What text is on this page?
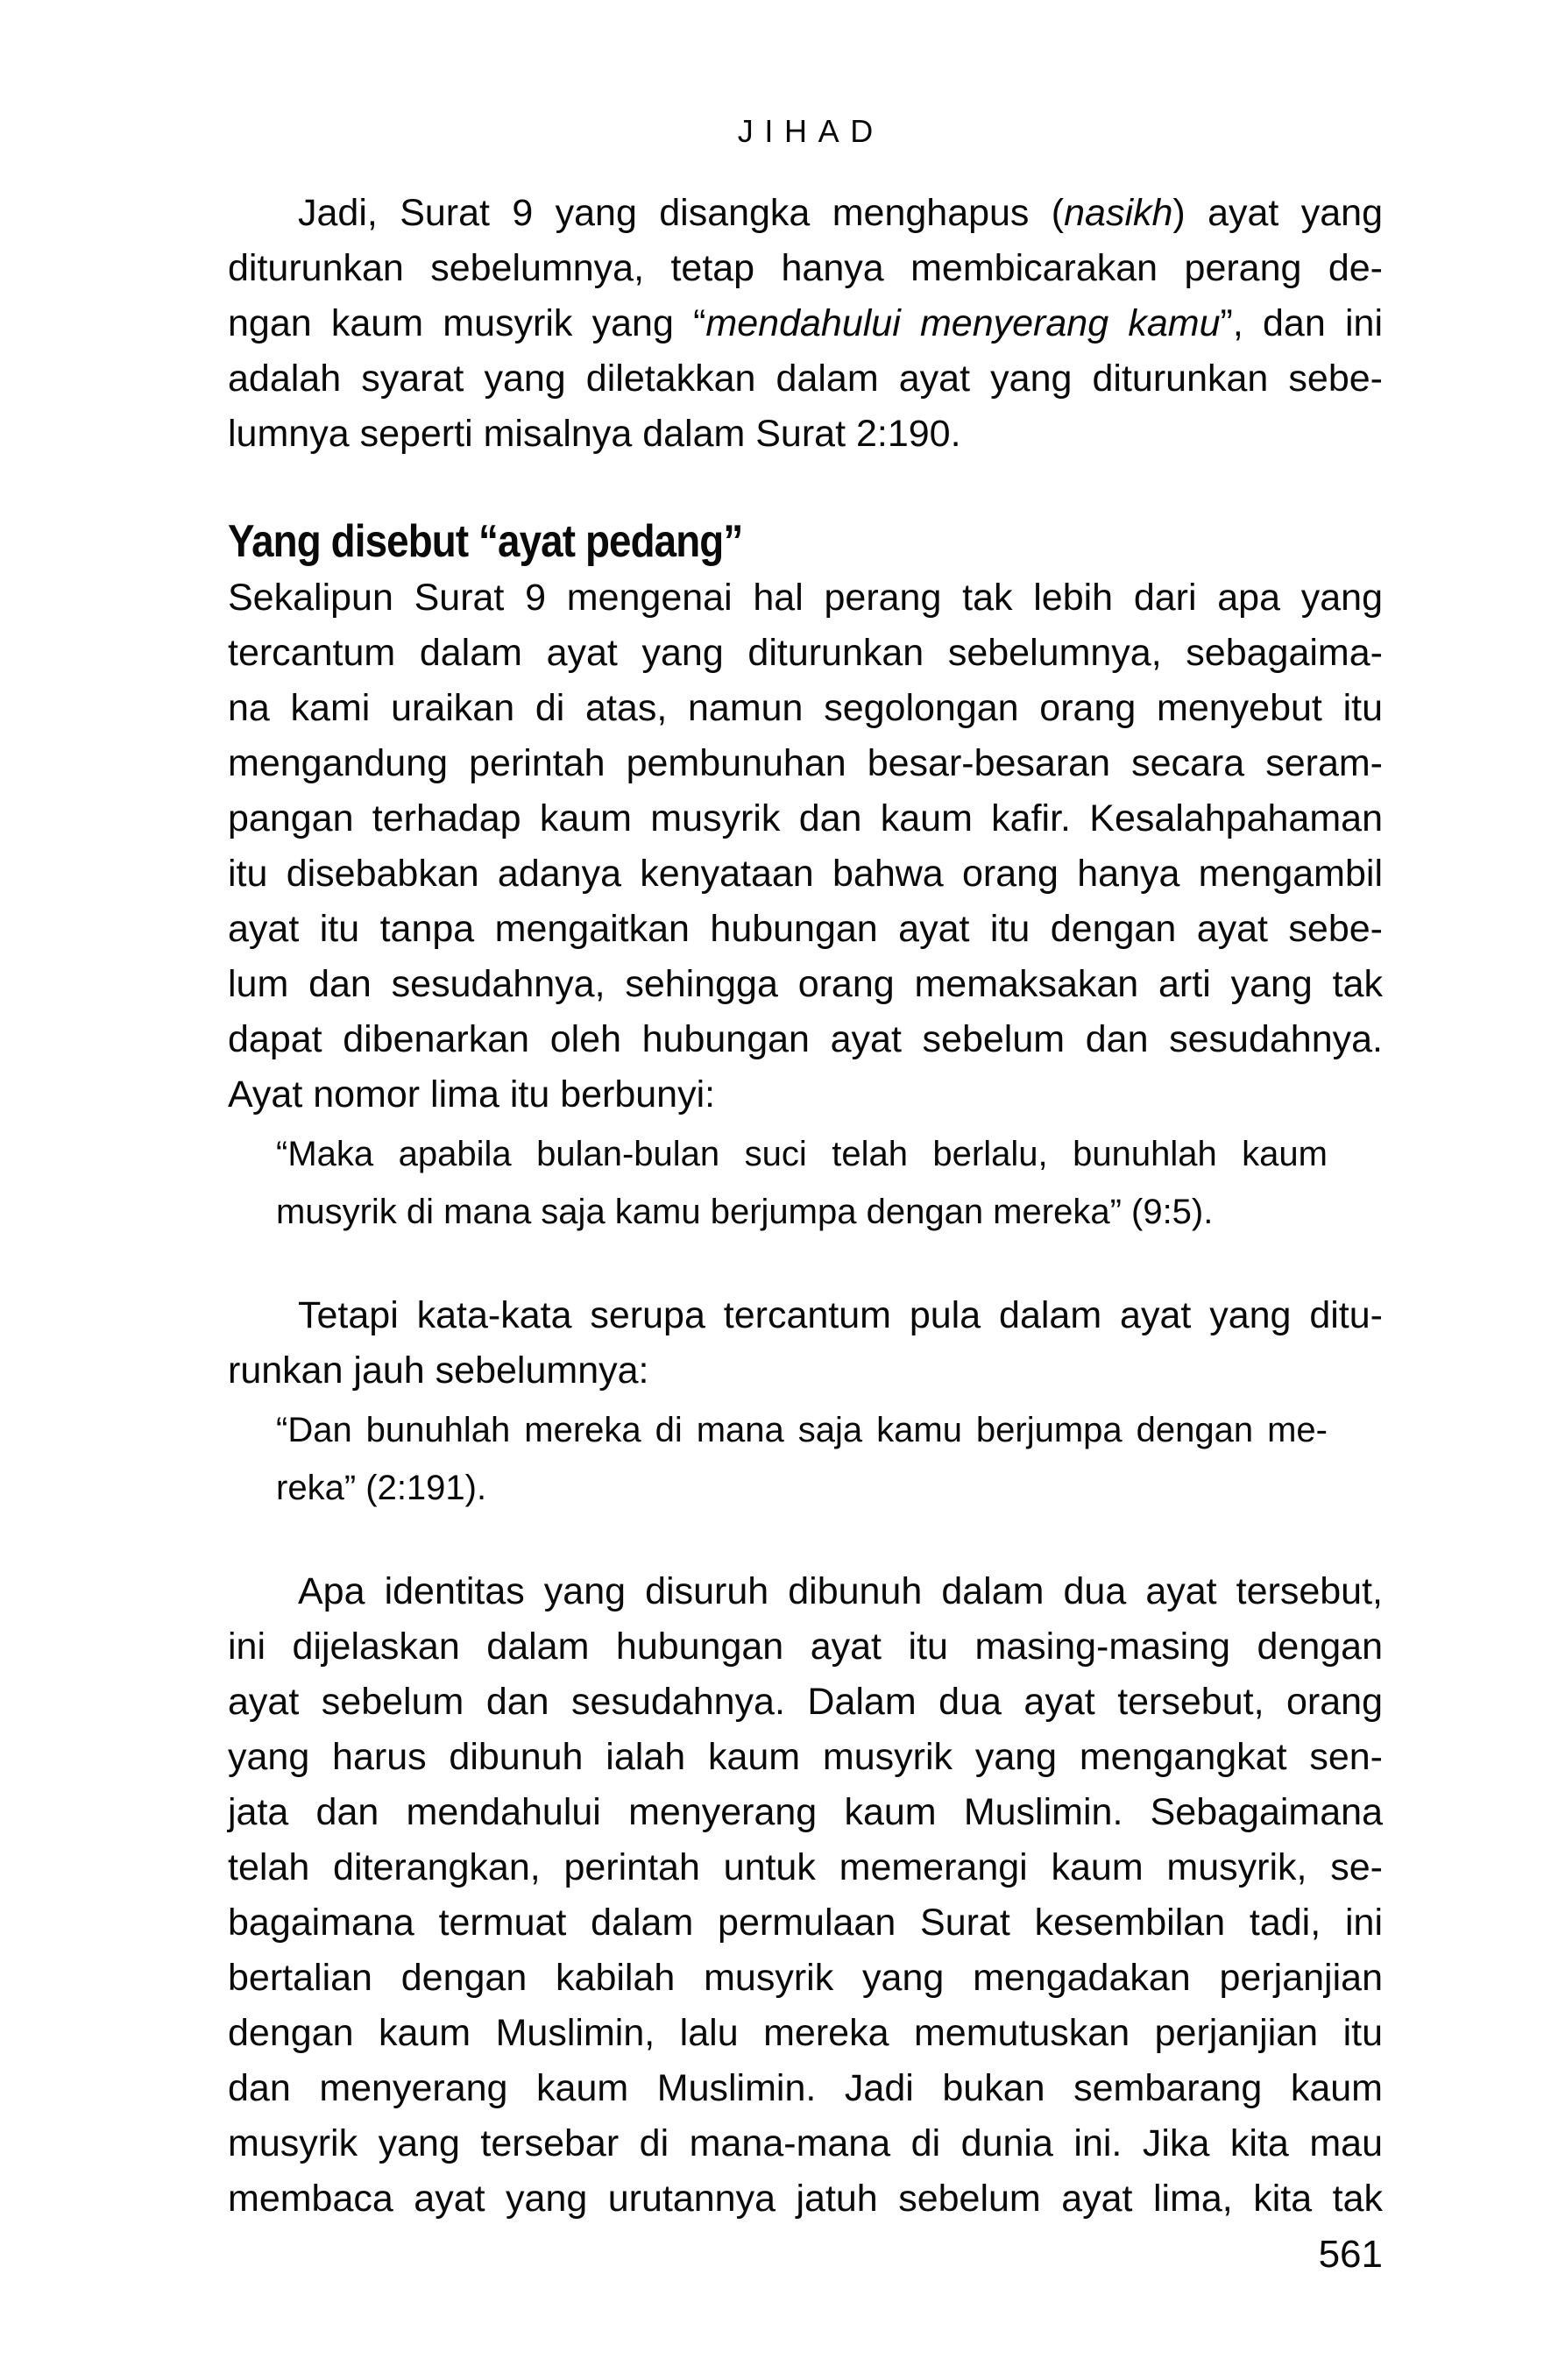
JIHAD
Jadi, Surat 9 yang disangka menghapus (nasikh) ayat yang
diturunkan sebelumnya, tetap hanya membicarakan perang de-
ngan kaum musyrik yang “mendahului menyerang kamu”, dan ini
adalah syarat yang diletakkan dalam ayat yang diturunkan sebe-
lumnya seperti misalnya dalam Surat 2:190.
Yang disebut “ayat pedang”
Sekalipun Surat 9 mengenai hal perang tak lebih dari apa yang
tercantum dalam ayat yang diturunkan sebelumnya, sebagaima-
na kami uraikan di atas, namun segolongan orang menyebut itu
mengandung perintah pembunuhan besar-besaran secara seram-
pangan terhadap kaum musyrik dan kaum kafir. Kesalahpahaman
itu disebabkan adanya kenyataan bahwa orang hanya mengambil
ayat itu tanpa mengaitkan hubungan ayat itu dengan ayat sebe-
lum dan sesudahnya, sehingga orang memaksakan arti yang tak
dapat dibenarkan oleh hubungan ayat sebelum dan sesudahnya.
Ayat nomor lima itu berbunyi:
“Maka apabila bulan-bulan suci telah berlalu, bunuhlah kaum
musyrik di mana saja kamu berjumpa dengan mereka” (9:5).
Tetapi kata-kata serupa tercantum pula dalam ayat yang ditu-
runkan jauh sebelumnya:
“Dan bunuhlah mereka di mana saja kamu berjumpa dengan me-
reka” (2:191).
Apa identitas yang disuruh dibunuh dalam dua ayat tersebut,
ini dijelaskan dalam hubungan ayat itu masing-masing dengan
ayat sebelum dan sesudahnya. Dalam dua ayat tersebut, orang
yang harus dibunuh ialah kaum musyrik yang mengangkat sen-
jata dan mendahului menyerang kaum Muslimin. Sebagaimana
telah diterangkan, perintah untuk memerangi kaum musyrik, se-
bagaimana termuat dalam permulaan Surat kesembilan tadi, ini
bertalian dengan kabilah musyrik yang mengadakan perjanjian
dengan kaum Muslimin, lalu mereka memutuskan perjanjian itu
dan menyerang kaum Muslimin. Jadi bukan sembarang kaum
musyrik yang tersebar di mana-mana di dunia ini. Jika kita mau
membaca ayat yang urutannya jatuh sebelum ayat lima, kita tak
561
